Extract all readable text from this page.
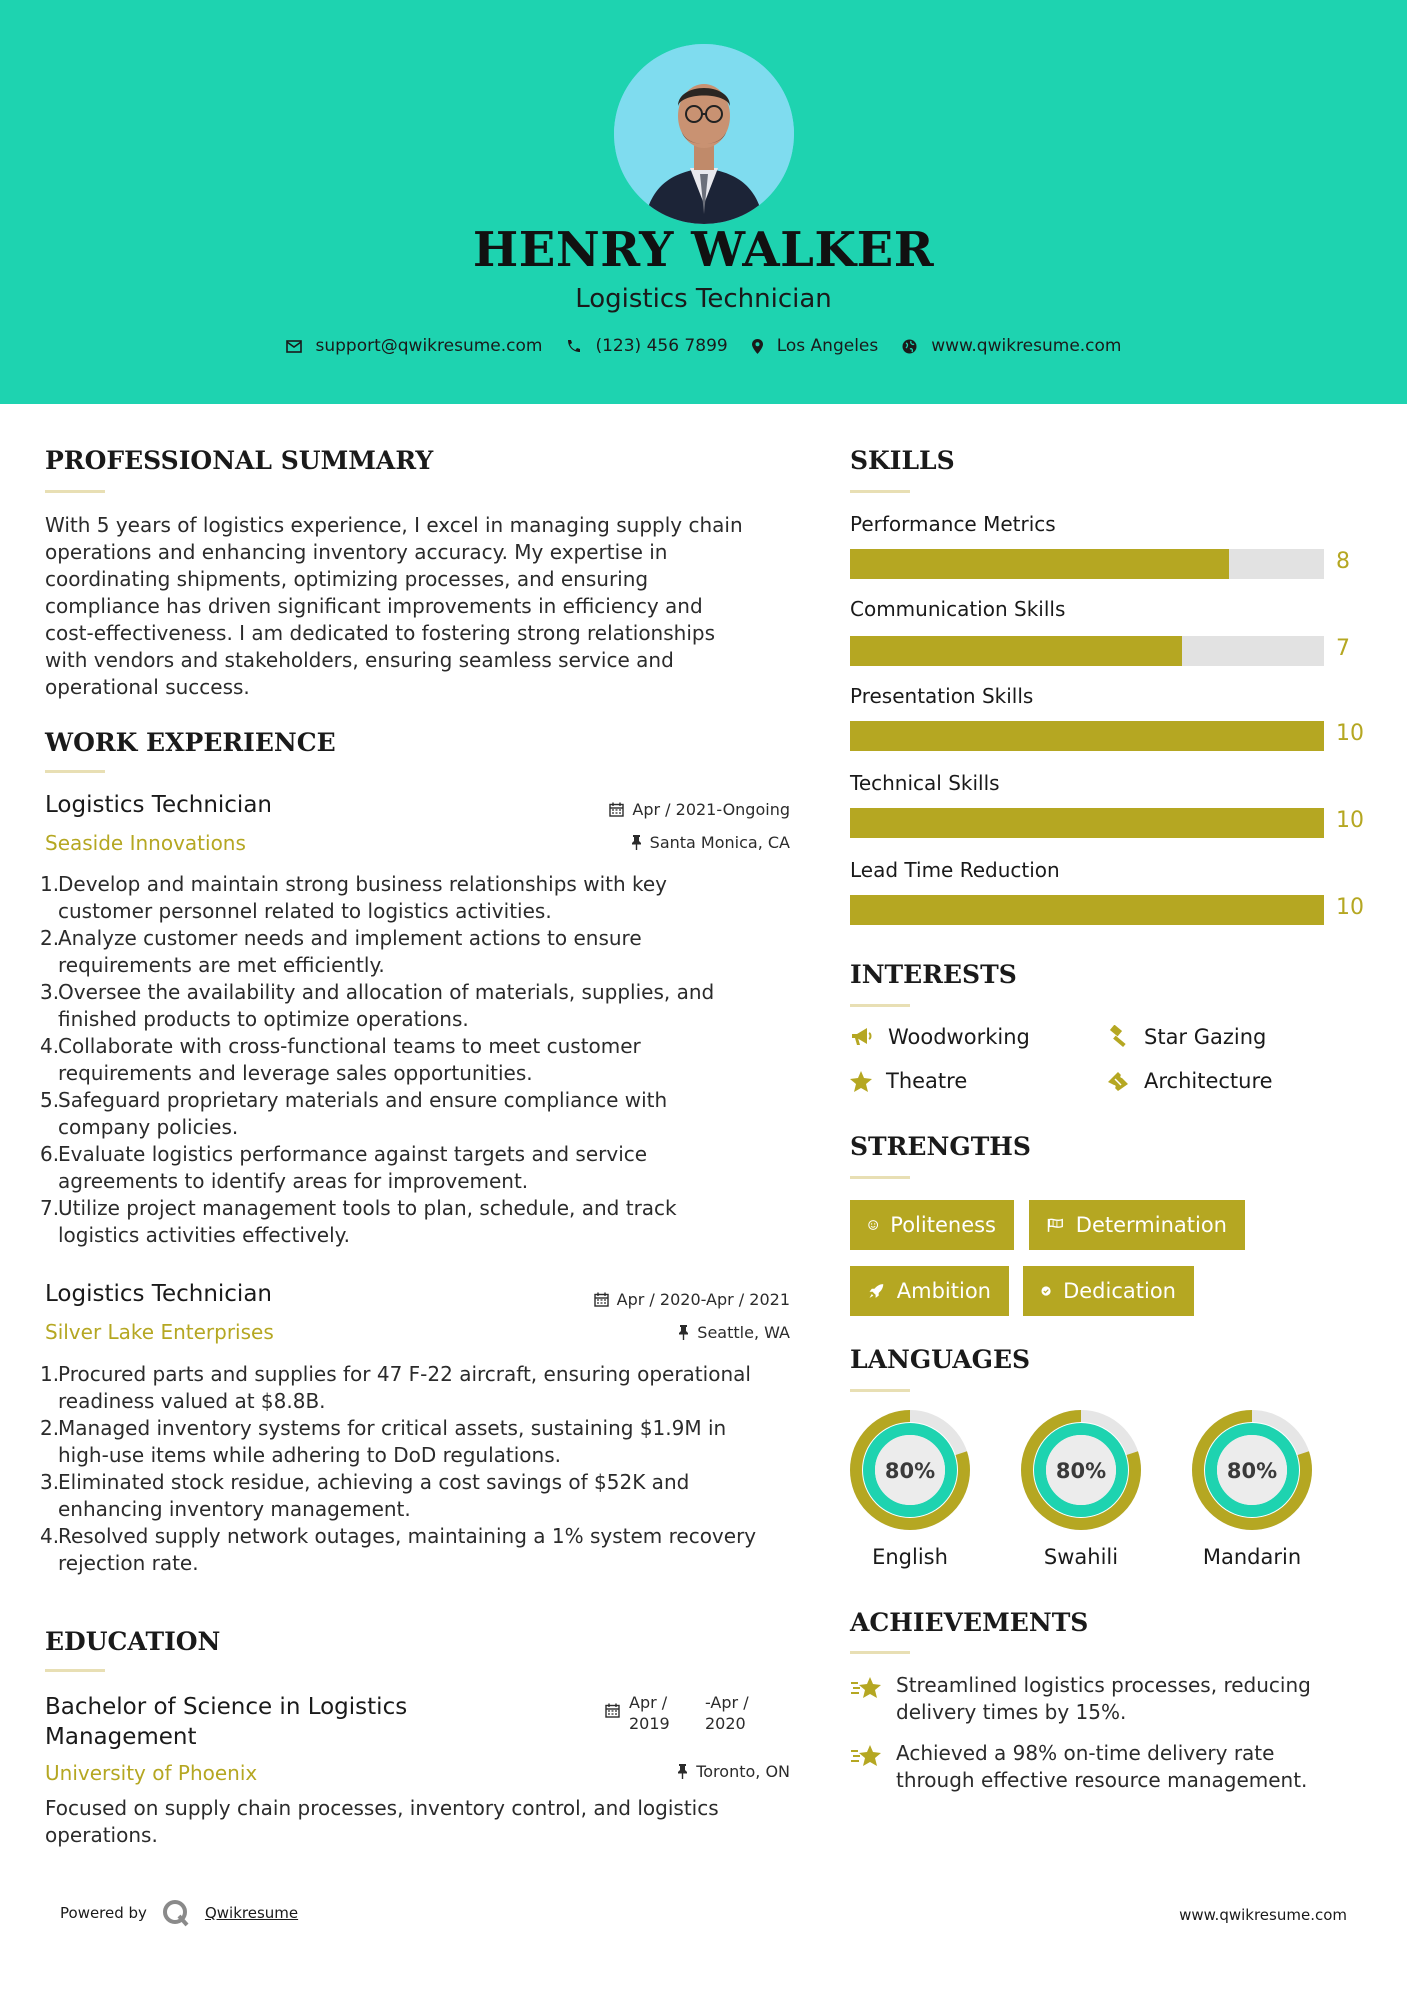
HENRY WALKER
Logistics Technician
support@qwikresume.com	(123) 456 7899	Los Angeles	www.qwikresume.com
PROFESSIONAL SUMMARY
With 5 years of logistics experience, I excel in managing supply chain
operations and enhancing inventory accuracy. My expertise in
coordinating shipments, optimizing processes, and ensuring
compliance has driven significant improvements in efficiency and
cost-effectiveness. I am dedicated to fostering strong relationships
with vendors and stakeholders, ensuring seamless service and
operational success.
WORK EXPERIENCE
Logistics Technician	Apr / 2021-Ongoing
Seaside Innovations	Santa Monica, CA
1.
Develop and maintain strong business relationships with key
customer personnel related to logistics activities.
2.
Analyze customer needs and implement actions to ensure
requirements are met efficiently.
3.
Oversee the availability and allocation of materials, supplies, and
finished products to optimize operations.
4.
Collaborate with cross-functional teams to meet customer
requirements and leverage sales opportunities.
5.
Safeguard proprietary materials and ensure compliance with
company policies.
6.
Evaluate logistics performance against targets and service
agreements to identify areas for improvement.
7.
Utilize project management tools to plan, schedule, and track
logistics activities effectively.
Logistics Technician	Apr / 2020-Apr / 2021
Silver Lake Enterprises	Seattle, WA
1.
Procured parts and supplies for 47 F-22 aircraft, ensuring operational
readiness valued at $8.8B.
2.
Managed inventory systems for critical assets, sustaining $1.9M in
high-use items while adhering to DoD regulations.
3.
Eliminated stock residue, achieving a cost savings of $52K and
enhancing inventory management.
4.
Resolved supply network outages, maintaining a 1% system recovery
rejection rate.
EDUCATION
Bachelor of Science in Logistics
Management
Apr /
2019
-Apr /
2020
University of Phoenix	Toronto, ON
Focused on supply chain processes, inventory control, and logistics
operations.
SKILLS
Performance Metrics
8
Communication Skills
7
Presentation Skills
10
Technical Skills
10
Lead Time Reduction
10
INTERESTS
Woodworking	Star Gazing
Theatre	Architecture
STRENGTHS
Politeness	Determination
Ambition	Dedication
LANGUAGES
80%
English
80%
Swahili
80%
Mandarin
ACHIEVEMENTS
Streamlined logistics processes, reducing
delivery times by 15%.
Achieved a 98% on-time delivery rate
through effective resource management.
Powered by	Qwikresume	www.qwikresume.com
